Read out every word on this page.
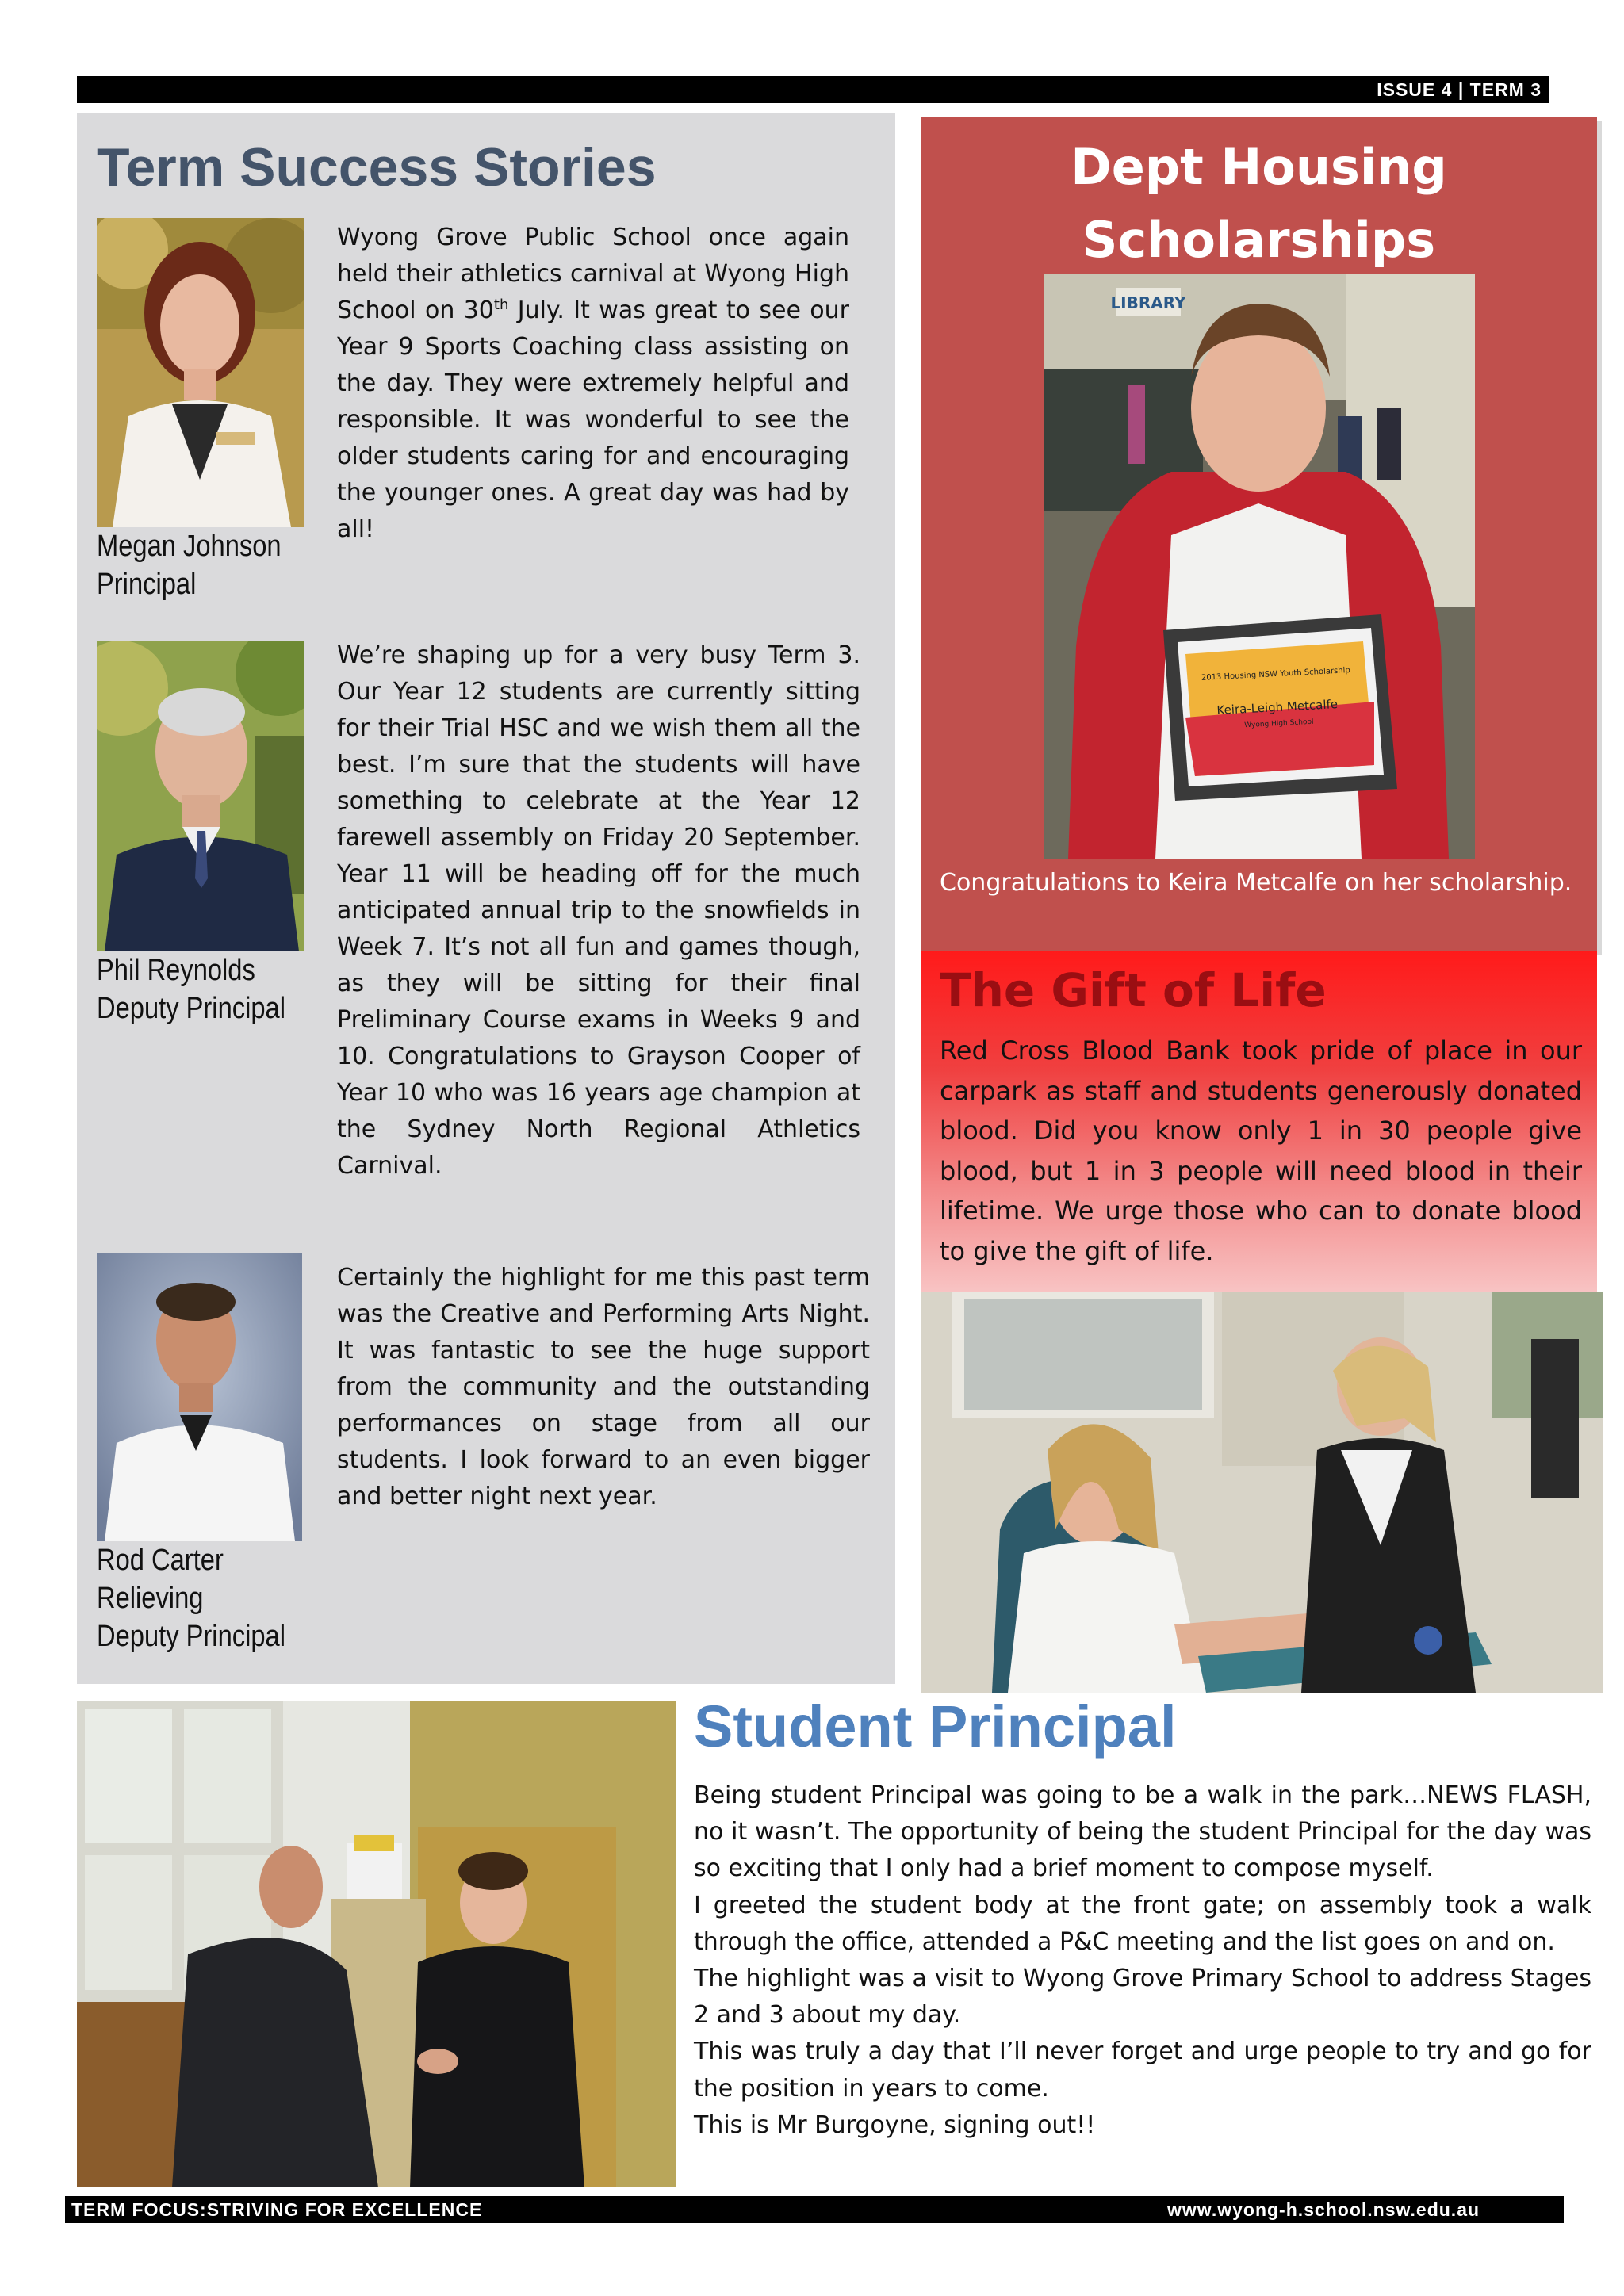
ISSUE 4 | TERM 3
Term Success Stories
Megan Johnson
Principal

Wyong Grove Public School once again held their athletics carnival at Wyong High School on 30th July. It was great to see our Year 9 Sports Coaching class assisting on the day. They were extremely helpful and responsible. It was wonderful to see the older students caring for and encouraging the younger ones. A great day was had by all!

Phil Reynolds
Deputy Principal

We’re shaping up for a very busy Term 3. Our Year 12 students are currently sitting for their Trial HSC and we wish them all the best. I’m sure that the students will have something to celebrate at the Year 12 farewell assembly on Friday 20 September. Year 11 will be heading off for the much anticipated annual trip to the snowfields in Week 7. It’s not all fun and games though, as they will be sitting for their final Preliminary Course exams in Weeks 9 and 10. Congratulations to Grayson Cooper of Year 10 who was 16 years age champion at the Sydney North Regional Athletics Carnival.

Rod Carter
Relieving
Deputy Principal

Certainly the highlight for me this past term was the Creative and Performing Arts Night. It was fantastic to see the huge support from the community and the outstanding performances on stage from all our students. I look forward to an even bigger and better night next year.

Dept Housing
Scholarships
LIBRARY
2013 Housing NSW Youth Scholarship
Keira-Leigh Metcalfe
Wyong High School
Congratulations to Keira Metcalfe on her scholarship.
The Gift of Life

Red Cross Blood Bank took pride of place in our carpark as staff and students generously donated blood. Did you know only 1 in 30 people give blood, but 1 in 3 people will need blood in their lifetime. We urge those who can to donate blood to give the gift of life.

Student Principal

Being student Principal was going to be a walk in the park…NEWS FLASH, no it wasn’t. The opportunity of being the student Principal for the day was so exciting that I only had a brief moment to compose myself.

I greeted the student body at the front gate; on assembly took a walk through the office, attended a P&C meeting and the list goes on and on.

The highlight was a visit to Wyong Grove Primary School to address Stages 2 and 3 about my day.

This was truly a day that I’ll never forget and urge people to try and go for the position in years to come.

This is Mr Burgoyne, signing out!!

TERM FOCUS:STRIVING FOR EXCELLENCE	www.wyong-h.school.nsw.edu.au
